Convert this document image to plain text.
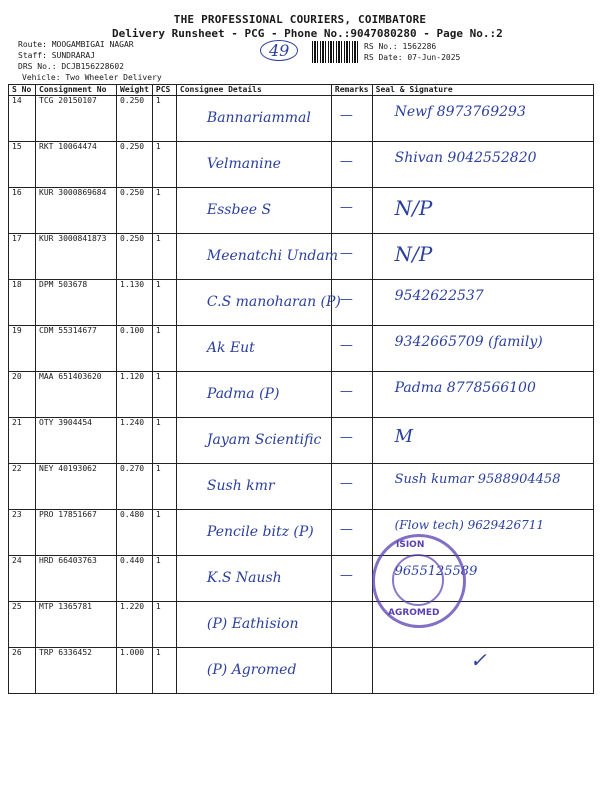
THE PROFESSIONAL COURIERS, COIMBATORE
Delivery Runsheet - PCG - Phone No.:9047080280 - Page No.:2
49
Route: MOOGAMBIGAI NAGAR
Staff: SUNDRARAJ
DRS No.: DCJB156228602
Vehicle: Two Wheeler Delivery
RS No.: 1562286
RS Date: 07-Jun-2025
S No	Consignment No	Weight	PCS	Consignee Details	Remarks	Seal & Signature
14	TCG 20150107	0.250	1	Bannariammal	—	Newf 8973769293

15	RKT 10064474	0.250	1	Velmanine	—	Shivan 9042552820

16	KUR 3000869684	0.250	1	Essbee S	—	N/P

17	KUR 3000841873	0.250	1	Meenatchi Undam	—	N/P

18	DPM 503678	1.130	1	C.S manoharan (P)	—	9542622537

19	CDM 55314677	0.100	1	Ak Eut	—	9342665709 (family)

20	MAA 651403620	1.120	1	Padma (P)	—	Padma 8778566100

21	OTY 3904454	1.240	1	Jayam Scientific	—	M

22	NEY 40193062	0.270	1	Sush kmr	—	Sush kumar 9588904458

23	PRO 17851667	0.480	1	Pencile bitz (P)	—	(Flow tech) 9629426711

24	HRD 66403763	0.440	1	K.S Naush	—	9655125589

25	MTP 1365781	1.220	1	(P) Eathision		

26	TRP 6336452	1.000	1	(P) Agromed		

ISION
AGROMED
✓
